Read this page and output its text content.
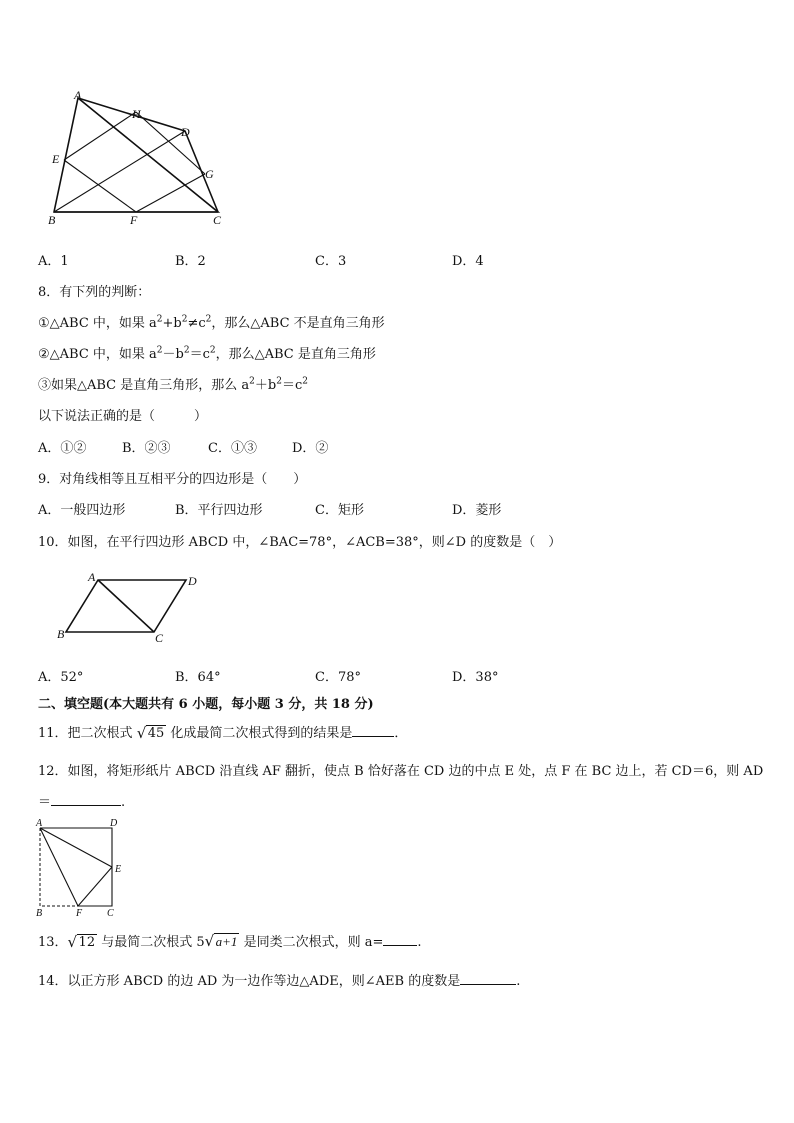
A
H
D
E
G
B	F	C
A．1	B．2	C．3	D．4
8．有下列的判断：
①△ABC 中，如果 $a^2+b^2\ne c^2$，那么△ABC 不是直角三角形
②△ABC 中，如果 $a^2-b^2=c^2$，那么△ABC 是直角三角形
③如果△ABC 是直角三角形，那么 $a^2+b^2=c^2$
以下说法正确的是（　　　）
A．①②	B．②③	C．①③	D．②
9．对角线相等且互相平分的四边形是（　　）
A．一般四边形	B．平行四边形	C．矩形	D．菱形
10．如图，在平行四边形 ABCD 中，∠BAC=78°，∠ACB=38°，则∠D 的度数是（　）
A	D
B	C
A．52°	B．64°	C．78°	D．38°
二、填空题(本大题共有 6 小题，每小题 3 分，共 18 分)
11．把二次根式 √ 45 化成最简二次根式得到的结果是	．
12．如图，将矩形纸片 ABCD 沿直线 AF 翻折，使点 B 恰好落在 CD 边的中点 E 处，点 F 在 BC 边上，若 CD＝6，则 AD
＝	.
A	D
E
B	F C
13． √ 12 与最简二次根式 5 √ a+1 是同类二次根式，则 a=	.
14．以正方形 ABCD 的边 AD 为一边作等边△ADE，则∠AEB 的度数是	.
